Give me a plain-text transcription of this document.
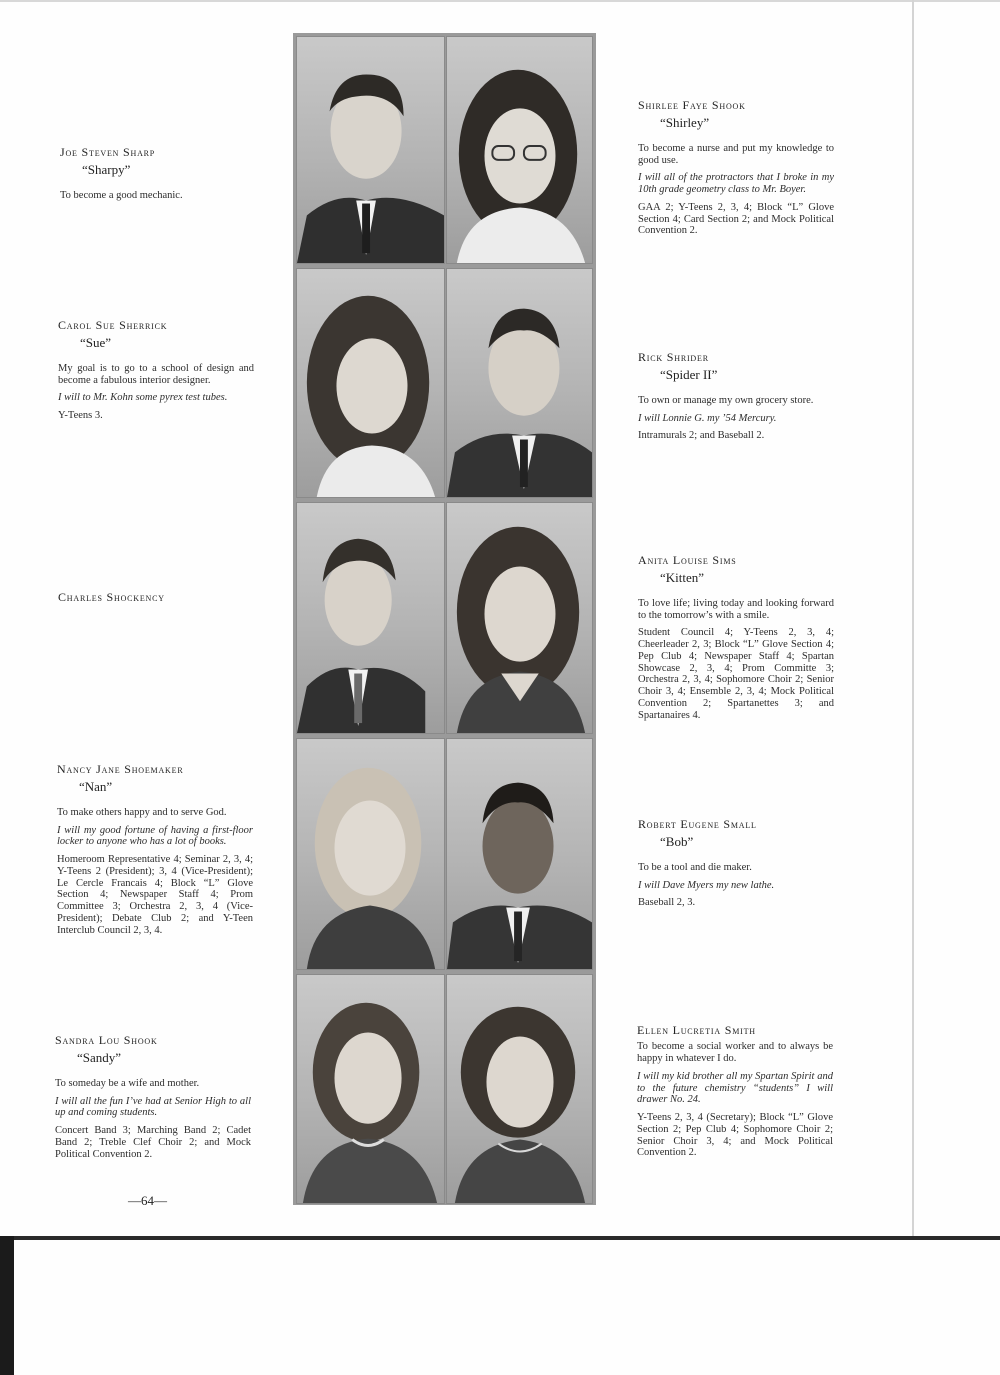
Joe Steven Sharp
“Sharpy”
To become a good mechanic.
Shirlee Faye Shook
“Shirley”
To become a nurse and put my knowledge to good use.
I will all of the protractors that I broke in my 10th grade geometry class to Mr. Boyer.
GAA 2; Y-Teens 2, 3, 4; Block “L” Glove Section 4; Card Section 2; and Mock Political Convention 2.
Carol Sue Sherrick
“Sue”
My goal is to go to a school of design and become a fabulous interior designer.
I will to Mr. Kohn some pyrex test tubes.
Y-Teens 3.
Rick Shrider
“Spider II”
To own or manage my own grocery store.
I will Lonnie G. my ’54 Mercury.
Intramurals 2; and Baseball 2.
Charles Shockency
Anita Louise Sims
“Kitten”
To love life; living today and looking forward to the tomorrow’s with a smile.
Student Council 4; Y-Teens 2, 3, 4; Cheerleader 2, 3; Block “L” Glove Section 4; Pep Club 4; Newspaper Staff 4; Spartan Showcase 2, 3, 4; Prom Committe 3; Orchestra 2, 3, 4; Sophomore Choir 2; Senior Choir 3, 4; Ensemble 2, 3, 4; Mock Political Convention 2; Spartanettes 3; and Spartanaires 4.
Nancy Jane Shoemaker
“Nan”
To make others happy and to serve God.
I will my good fortune of having a first-floor locker to anyone who has a lot of books.
Homeroom Representative 4; Seminar 2, 3, 4; Y-Teens 2 (President); 3, 4 (Vice-President); Le Cercle Francais 4; Block “L” Glove Section 4; Newspaper Staff 4; Prom Committee 3; Orchestra 2, 3, 4 (Vice-President); Debate Club 2; and Y-Teen Interclub Council 2, 3, 4.
Robert Eugene Small
“Bob”
To be a tool and die maker.
I will Dave Myers my new lathe.
Baseball 2, 3.
Sandra Lou Shook
“Sandy”
To someday be a wife and mother.
I will all the fun I’ve had at Senior High to all up and coming students.
Concert Band 3; Marching Band 2; Cadet Band 2; Treble Clef Choir 2; and Mock Political Convention 2.
Ellen Lucretia Smith
To become a social worker and to always be happy in whatever I do.
I will my kid brother all my Spartan Spirit and to the future chemistry “students” I will drawer No. 24.
Y-Teens 2, 3, 4 (Secretary); Block “L” Glove Section 2; Pep Club 4; Sophomore Choir 2; Senior Choir 3, 4; and Mock Political Convention 2.
—64—
